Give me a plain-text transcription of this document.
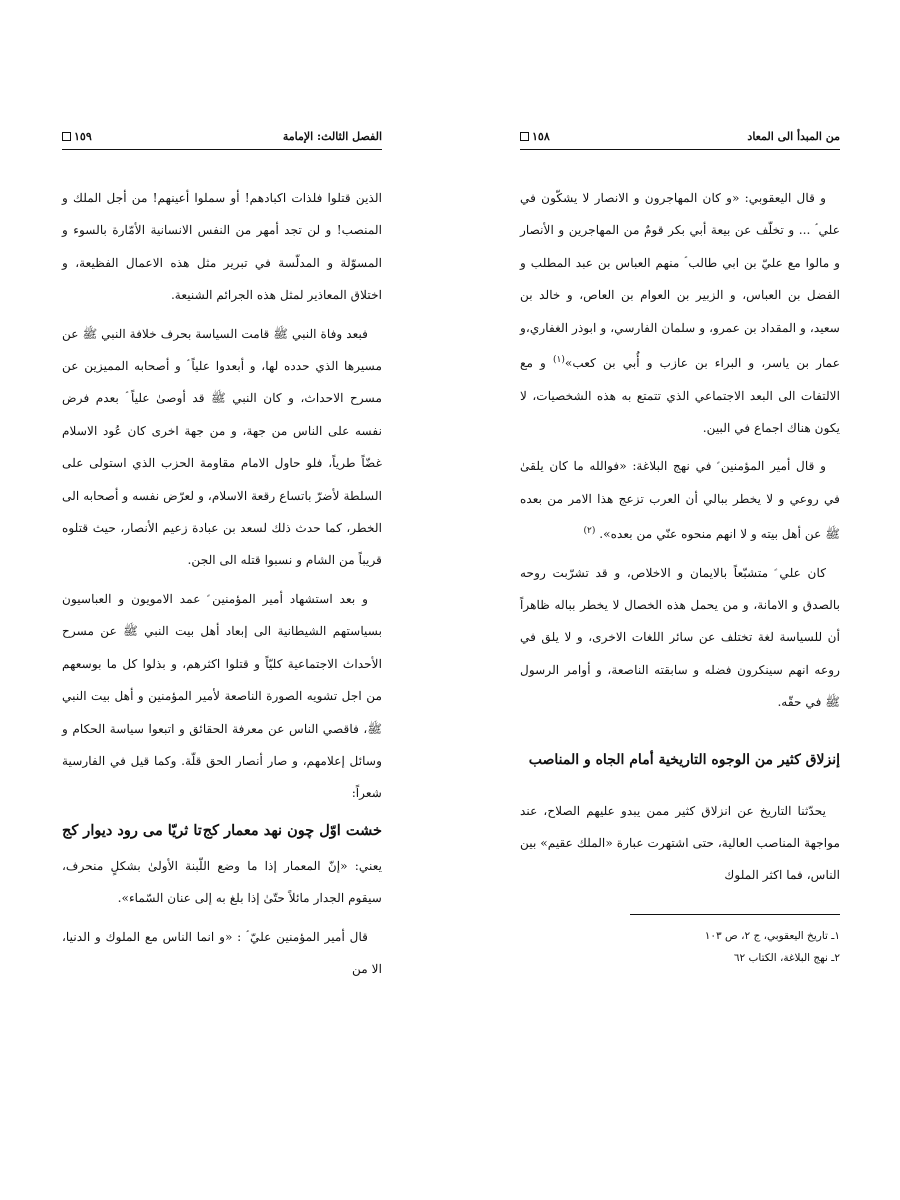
الفصل الثالث: الإمامة
١٥٩

الذين قتلوا فلذات اكبادهم! أو سملوا أعينهم! من أجل الملك و المنصب! و لن تجد أمهر من النفس الانسانية الأمّارة بالسوء و المسوّلة و المدلّسة في تبرير مثل هذه الاعمال الفظيعة، و اختلاق المعاذير لمثل هذه الجرائم الشنيعة.

فبعد وفاة النبي ﷺ قامت السياسة بحرف خلافة النبي ﷺ عن مسيرها الذي حدده لها، و أبعدوا علياً ؑ و أصحابه المميزين عن مسرح الاحداث، و كان النبي ﷺ قد أوصىٰ علياً ؑ بعدم فرض نفسه على الناس من جهة، و من جهة اخرى كان عُود الاسلام غضّاً طرياً، فلو حاول الامام مقاومة الحزب الذي استولى على السلطة لأضرّ باتساع رقعة الاسلام، و لعرّض نفسه و أصحابه الى الخطر، كما حدث ذلك لسعد بن عبادة زعيم الأنصار، حيث قتلوه قريباً من الشام و نسبوا قتله الى الجن.

و بعد استشهاد أمير المؤمنين ؑ عمد الامويون و العباسيون بسياستهم الشيطانية الى إبعاد أهل بيت النبي ﷺ عن مسرح الأحداث الاجتماعية كليّاً و قتلوا اكثرهم، و بذلوا كل ما بوسعهم من اجل تشويه الصورة الناصعة لأمير المؤمنين و أهل بيت النبي ﷺ، فاقصي الناس عن معرفة الحقائق و اتبعوا سياسة الحكام و وسائل إعلامهم، و صار أنصار الحق قلّة. وكما قيل في الفارسية شعراً:

خشت اوّل چون نهد معمار كج
تا ثريّا مى رود ديوار كج

يعني: «إنّ المعمار إذا ما وضع اللّبنة الأولىٰ بشكلٍ منحرف، سيقوم الجدار مائلاً حتّىٰ إذا بلغ به إلى عنان السّماء».

قال أمير المؤمنين عليّ ؑ : «و انما الناس مع الملوك و الدنيا، الا من

من المبدأ الى المعاد
١٥٨

و قال اليعقوبي: «و كان المهاجرون و الانصار لا يشكّون في علي ؑ ... و تخلّف عن بيعة أبي بكر قومٌ من المهاجرين و الأنصار و مالوا مع عليّ بن ابي طالب ؑ منهم العباس بن عبد المطلب و الفضل بن العباس، و الزبير بن العوام بن العاص، و خالد بن سعيد، و المقداد بن عمرو، و سلمان الفارسي، و ابوذر الغفاري،و عمار بن ياسر، و البراء بن عازب و أُبي بن كعب»$^{(١)}$ و مع الالتفات الى البعد الاجتماعي الذي تتمتع به هذه الشخصيات، لا يكون هناك اجماع في البين.

و قال أمير المؤمنين ؑ في نهج البلاغة: «فوالله ما كان يلقىٰ في روعي و لا يخطر ببالي أن العرب تزعج هذا الامر من بعده ﷺ عن أهل بيته و لا انهم منحوه عنّي من بعده». $^{(٢)}$

كان علي ؑ متشبّعاً بالايمان و الاخلاص، و قد تشرّبت روحه بالصدق و الامانة، و من يحمل هذه الخصال لا يخطر بباله ظاهراً أن للسياسة لغة تختلف عن سائر اللغات الاخرى، و لا يلق في روعه انهم سينكرون فضله و سابقته الناصعة، و أوامر الرسول ﷺ في حقّه.

إنزلاق كثير من الوجوه التاريخية أمام الجاه و المناصب

يحدّثنا التاريخ عن انزلاق كثير ممن يبدو عليهم الصلاح، عند مواجهة المناصب العالية، حتى اشتهرت عبارة «الملك عقيم» بين الناس، فما اكثر الملوك

١ـ تاريخ اليعقوبي، ج ٢، ص ١٠٣
٢ـ نهج البلاغة، الكتاب ٦٢
